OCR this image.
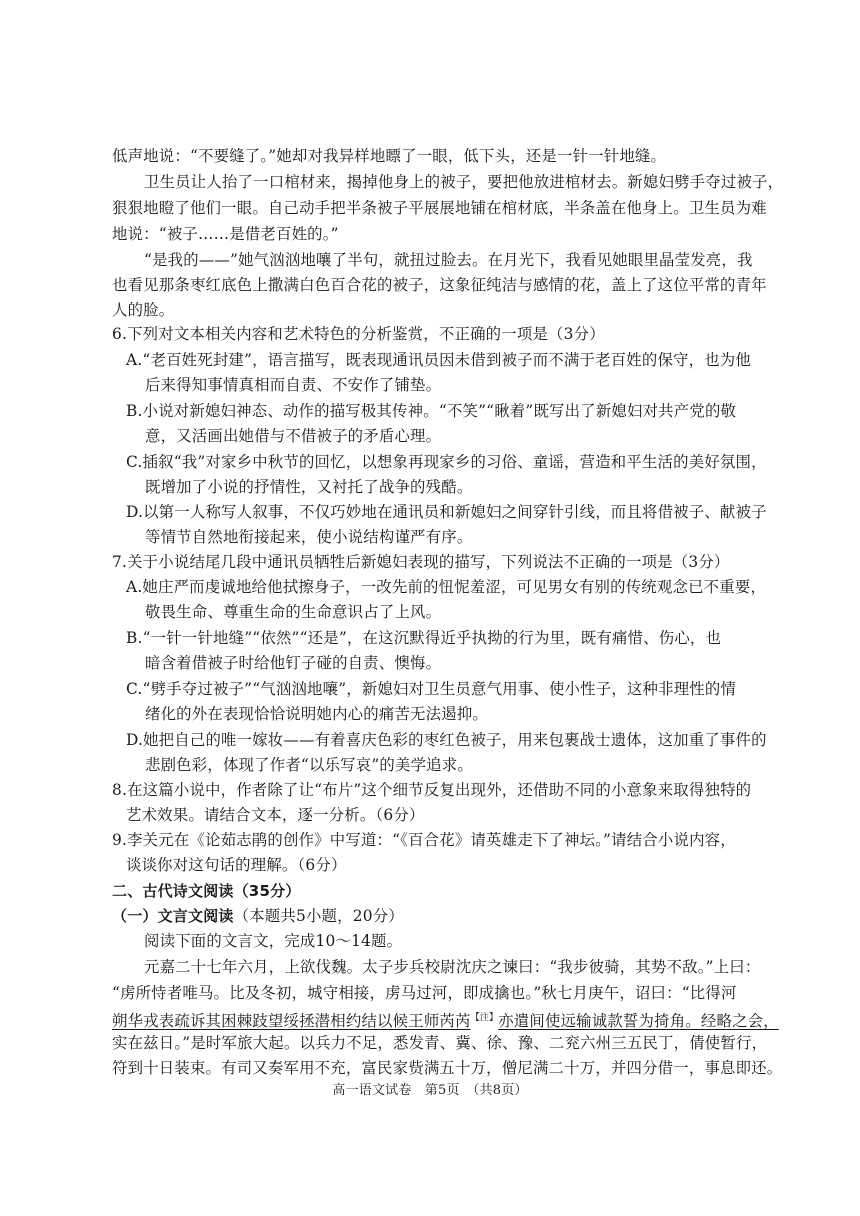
低声地说：“不要缝了。”她却对我异样地瞟了一眼，低下头，还是一针一针地缝。
卫生员让人抬了一口棺材来，揭掉他身上的被子，要把他放进棺材去。新媳妇劈手夺过被子，
狠狠地瞪了他们一眼。自己动手把半条被子平展展地铺在棺材底，半条盖在他身上。卫生员为难
地说：“被子……是借老百姓的。”
“是我的——”她气汹汹地嚷了半句，就扭过脸去。在月光下，我看见她眼里晶莹发亮，我
也看见那条枣红底色上撒满白色百合花的被子，这象征纯洁与感情的花，盖上了这位平常的青年
人的脸。
6.下列对文本相关内容和艺术特色的分析鉴赏，不正确的一项是（3分）
A.“老百姓死封建”，语言描写，既表现通讯员因未借到被子而不满于老百姓的保守，也为他
后来得知事情真相而自责、不安作了铺垫。
B.小说对新媳妇神态、动作的描写极其传神。“不笑”“瞅着”既写出了新媳妇对共产党的敬
意，又活画出她借与不借被子的矛盾心理。
C.插叙“我”对家乡中秋节的回忆，以想象再现家乡的习俗、童谣，营造和平生活的美好氛围，
既增加了小说的抒情性，又衬托了战争的残酷。
D.以第一人称写人叙事，不仅巧妙地在通讯员和新媳妇之间穿针引线，而且将借被子、献被子
等情节自然地衔接起来，使小说结构谨严有序。
7.关于小说结尾几段中通讯员牺牲后新媳妇表现的描写，下列说法不正确的一项是（3分）
A.她庄严而虔诚地给他拭擦身子，一改先前的忸怩羞涩，可见男女有别的传统观念已不重要，
敬畏生命、尊重生命的生命意识占了上风。
B.“一针一针地缝”“依然”“还是”，在这沉默得近乎执拗的行为里，既有痛惜、伤心，也
暗含着借被子时给他钉子碰的自责、懊悔。
C.“劈手夺过被子”“气汹汹地嚷”，新媳妇对卫生员意气用事、使小性子，这种非理性的情
绪化的外在表现恰恰说明她内心的痛苦无法遏抑。
D.她把自己的唯一嫁妆——有着喜庆色彩的枣红色被子，用来包裹战士遗体，这加重了事件的
悲剧色彩，体现了作者“以乐写哀”的美学追求。
8.在这篇小说中，作者除了让“布片”这个细节反复出现外，还借助不同的小意象来取得独特的
艺术效果。请结合文本，逐一分析。（6分）
9.李关元在《论茹志鹃的创作》中写道：“《百合花》请英雄走下了神坛。”请结合小说内容，
谈谈你对这句话的理解。（6分）
二、古代诗文阅读（35分）
（一）文言文阅读（本题共5小题，20分）
阅读下面的文言文，完成10～14题。
元嘉二十七年六月，上欲伐魏。太子步兵校尉沈庆之谏曰：“我步彼骑，其势不敌。”上曰：
“虏所恃者唯马。比及冬初，城守相接，虏马过河，即成擒也。”秋七月庚午，诏曰：“比得河
朔华戎表疏诉其困棘跂望绥拯潜相约结以候王师芮芮$^{【注】}$亦遣间使远输诚款誓为掎角。经略之会，
实在兹日。”是时军旅大起。以兵力不足，悉发青、冀、徐、豫、二兖六州三五民丁，倩使暂行，
符到十日装束。有司又奏军用不充，富民家赀满五十万，僧尼满二十万，并四分借一，事息即还。
高一语文试卷　第5页　（共8页）
